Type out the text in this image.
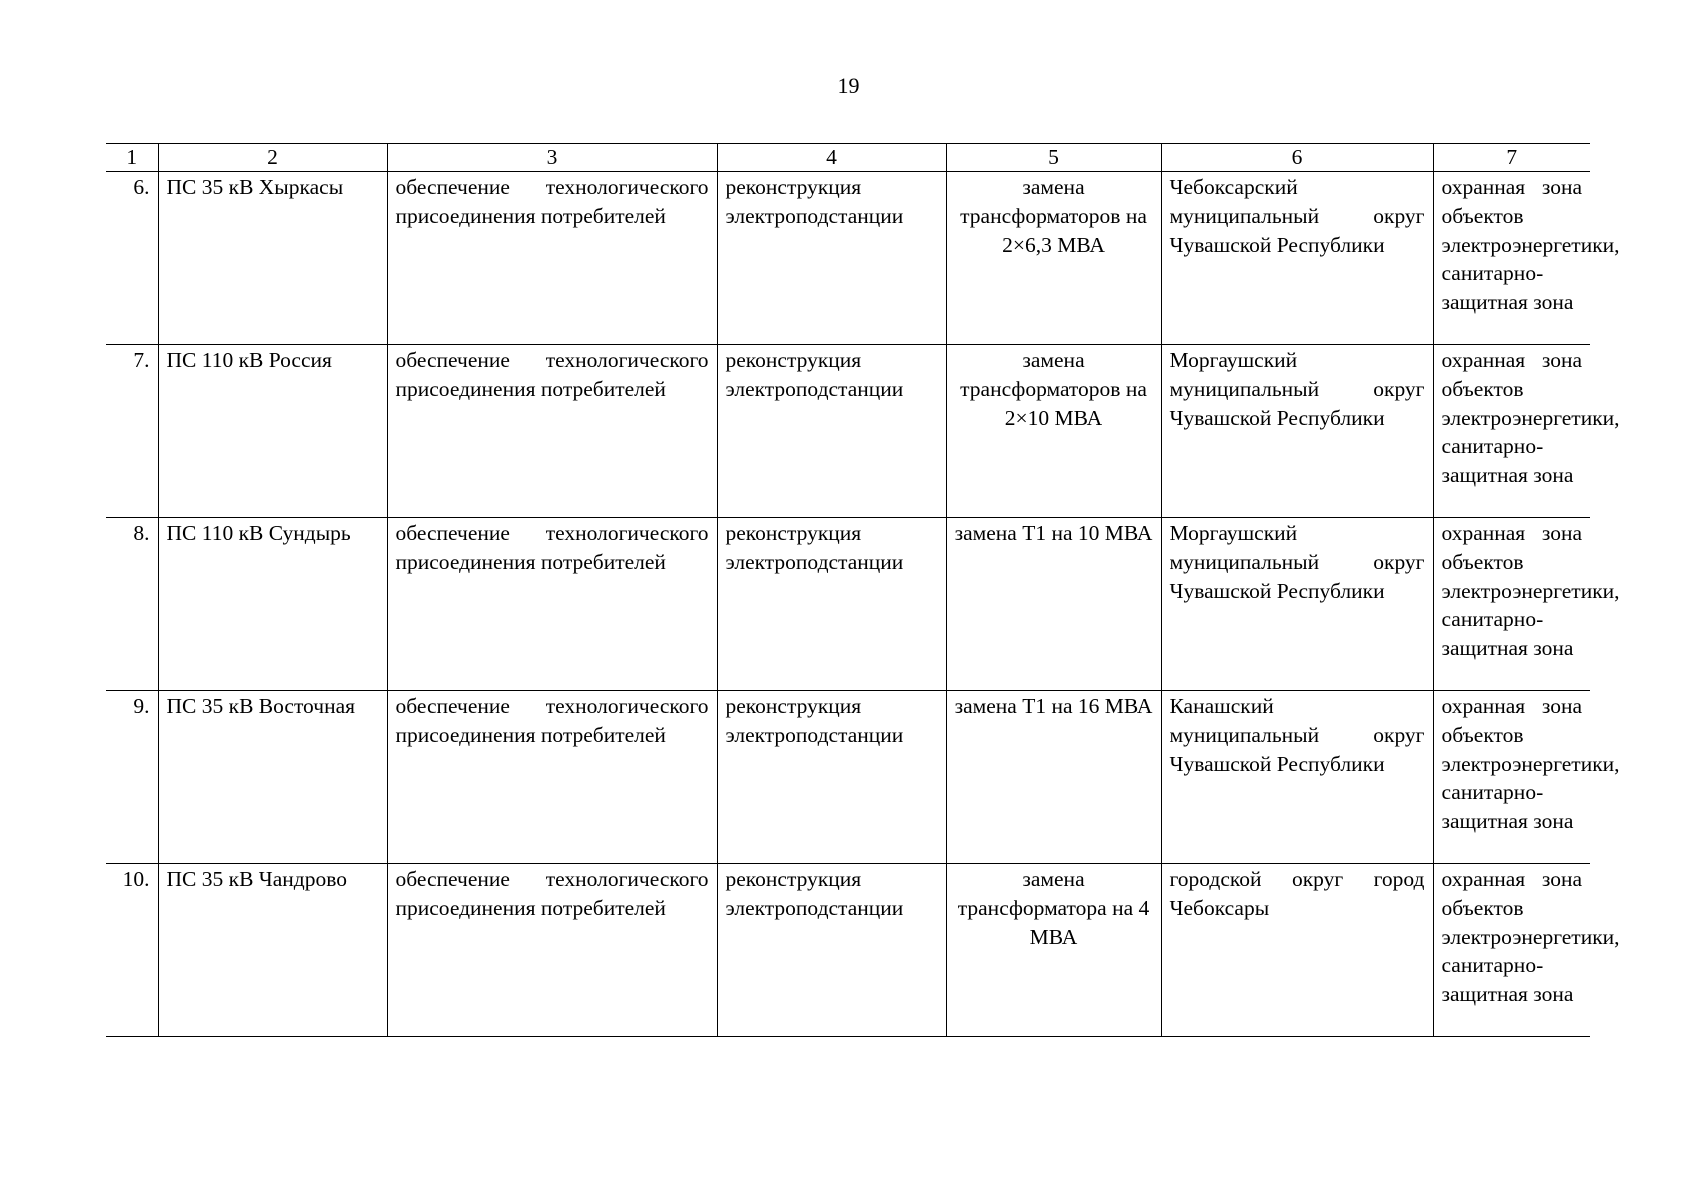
19
1	2	3	4	5	6	7
6.	ПС 35 кВ Хыркасы	обеспечение технологического присоединения потребителей	реконструкция электроподстанции	замена трансформаторов на 2×6,3 МВА	Чебоксарский муниципальный округ Чувашской Республики	охранная зона объектов электроэнергетики, санитарно-защитная зона
7.	ПС 110 кВ Россия	обеспечение технологического присоединения потребителей	реконструкция электроподстанции	замена трансформаторов на 2×10 МВА	Моргаушский муниципальный округ Чувашской Республики	охранная зона объектов электроэнергетики, санитарно-защитная зона
8.	ПС 110 кВ Сундырь	обеспечение технологического присоединения потребителей	реконструкция электроподстанции	замена Т1 на 10 МВА	Моргаушский муниципальный округ Чувашской Республики	охранная зона объектов электроэнергетики, санитарно-защитная зона
9.	ПС 35 кВ Восточная	обеспечение технологического присоединения потребителей	реконструкция электроподстанции	замена Т1 на 16 МВА	Канашский муниципальный округ Чувашской Республики	охранная зона объектов электроэнергетики, санитарно-защитная зона
10.	ПС 35 кВ Чандрово	обеспечение технологического присоединения потребителей	реконструкция электроподстанции	замена трансформатора на 4 МВА	городской округ город Чебоксары	охранная зона объектов электроэнергетики, санитарно-защитная зона
